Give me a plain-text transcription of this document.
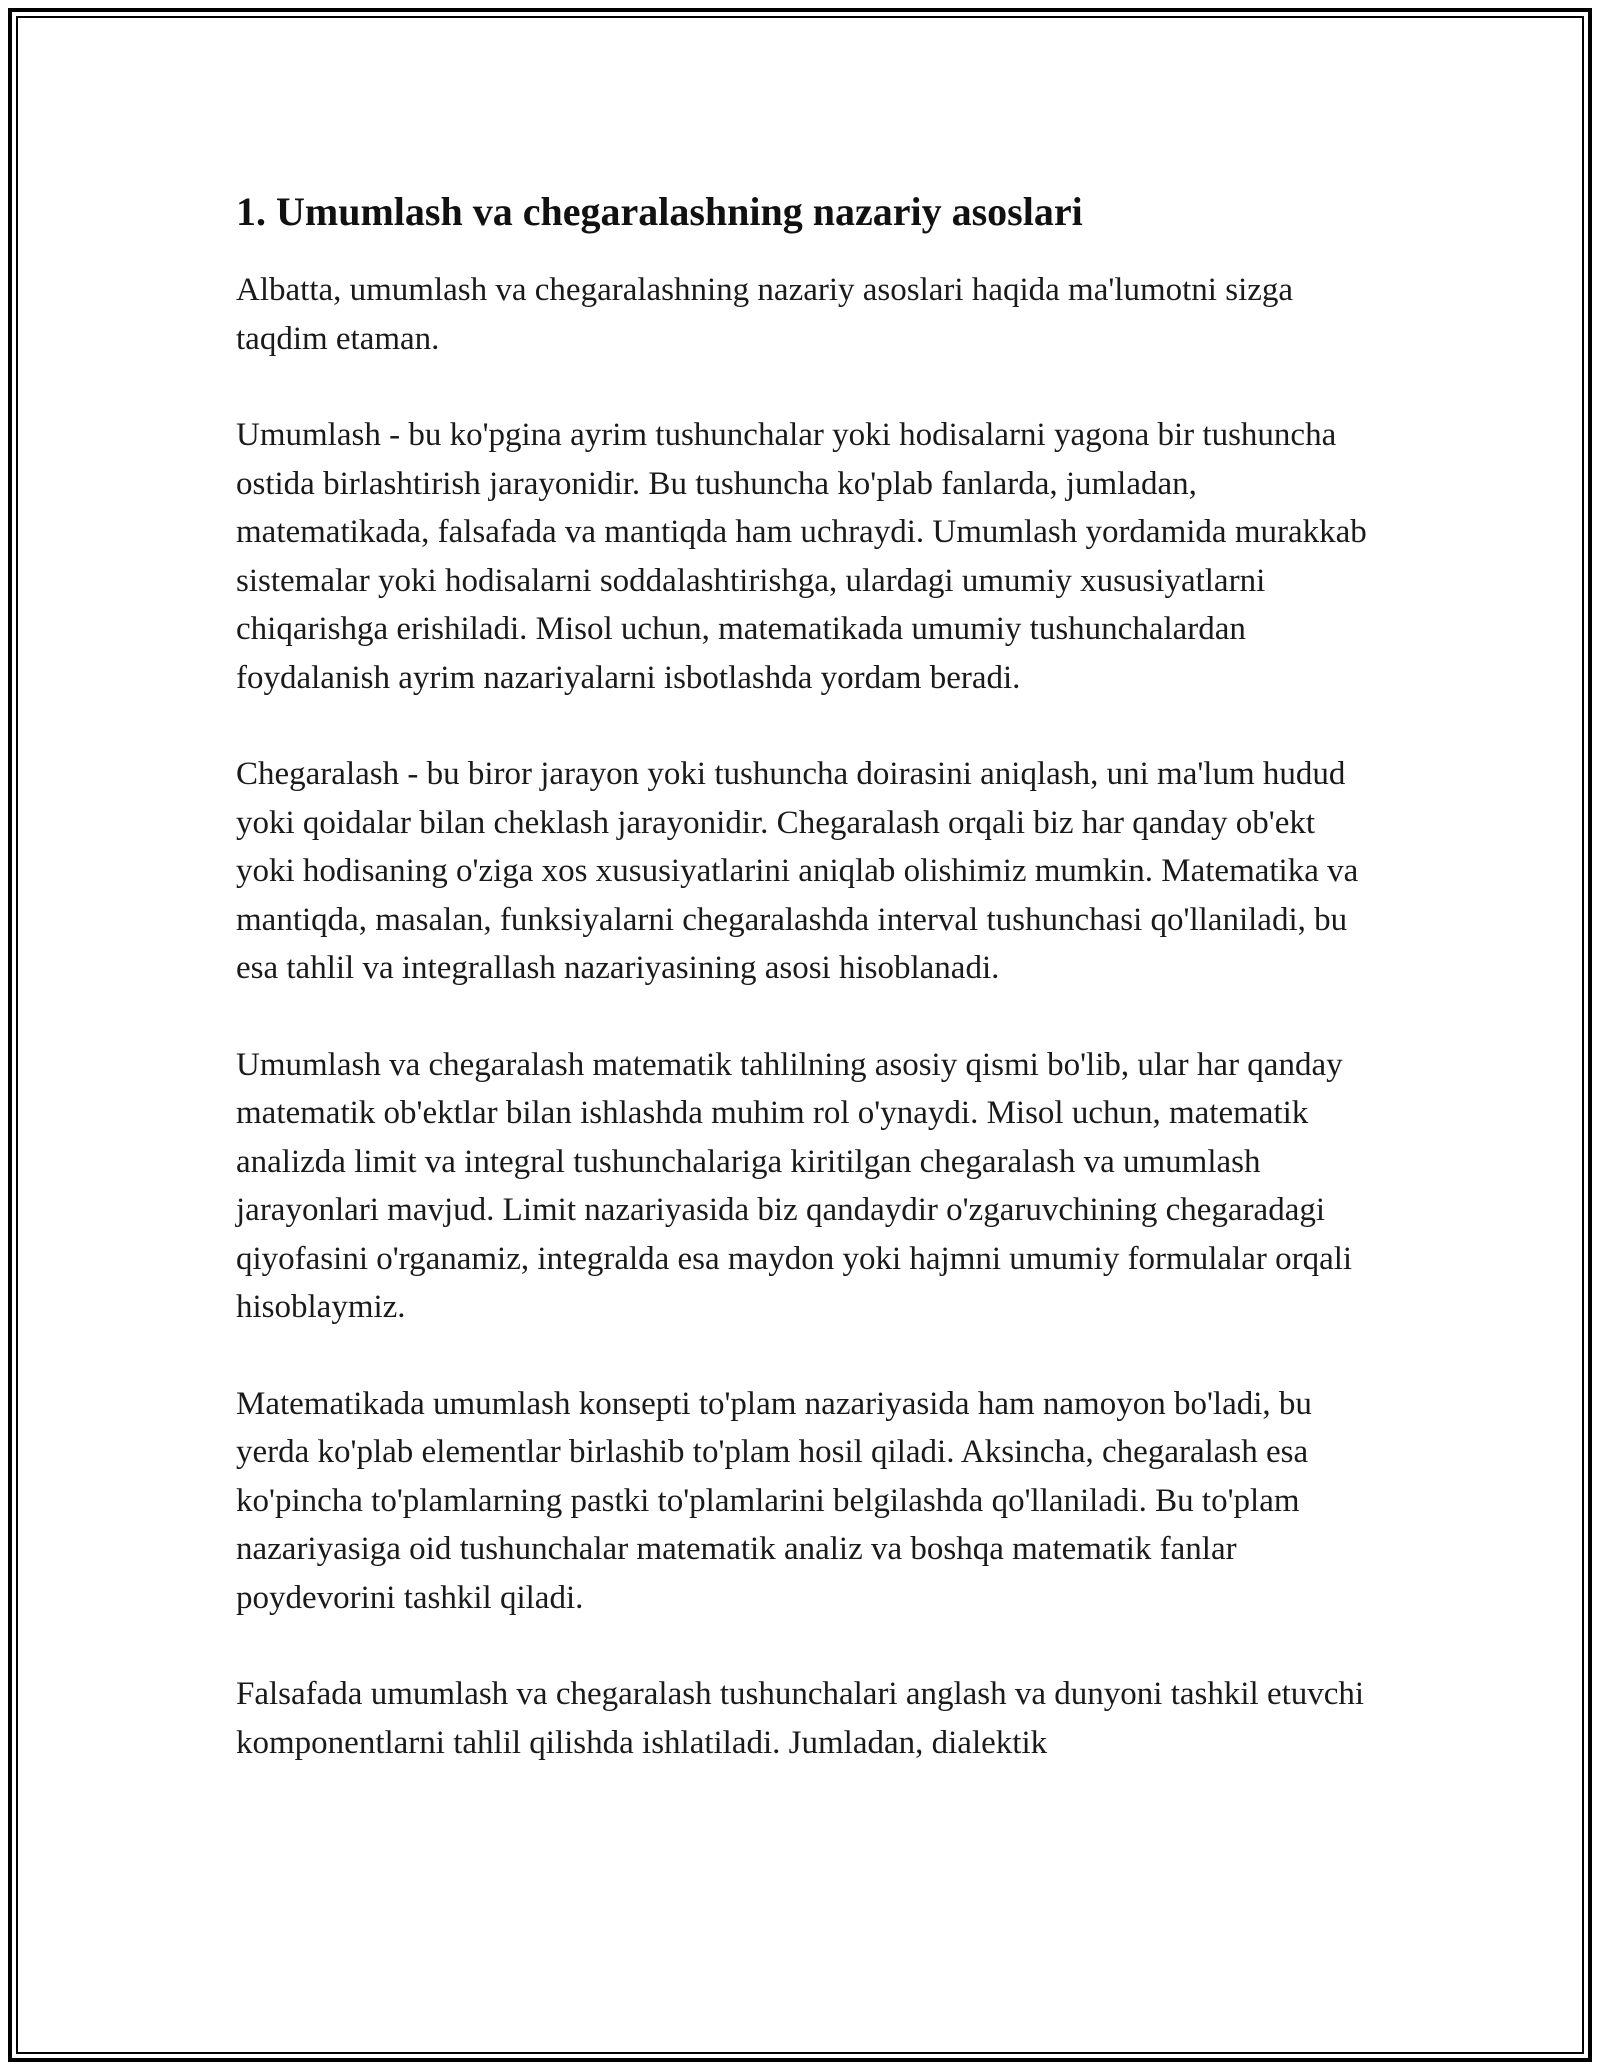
1. Umumlash va chegaralashning nazariy asoslari

Albatta, umumlash va chegaralashning nazariy asoslari haqida ma'lumotni sizga taqdim etaman.

Umumlash - bu ko'pgina ayrim tushunchalar yoki hodisalarni yagona bir tushuncha ostida birlashtirish jarayonidir. Bu tushuncha ko'plab fanlarda, jumladan, matematikada, falsafada va mantiqda ham uchraydi. Umumlash yordamida murakkab sistemalar yoki hodisalarni soddalashtirishga, ulardagi umumiy xususiyatlarni chiqarishga erishiladi. Misol uchun, matematikada umumiy tushunchalardan foydalanish ayrim nazariyalarni isbotlashda yordam beradi.

Chegaralash - bu biror jarayon yoki tushuncha doirasini aniqlash, uni ma'lum hudud yoki qoidalar bilan cheklash jarayonidir. Chegaralash orqali biz har qanday ob'ekt yoki hodisaning o'ziga xos xususiyatlarini aniqlab olishimiz mumkin. Matematika va mantiqda, masalan, funksiyalarni chegaralashda interval tushunchasi qo'llaniladi, bu esa tahlil va integrallash nazariyasining asosi hisoblanadi.

Umumlash va chegaralash matematik tahlilning asosiy qismi bo'lib, ular har qanday matematik ob'ektlar bilan ishlashda muhim rol o'ynaydi. Misol uchun, matematik analizda limit va integral tushunchalariga kiritilgan chegaralash va umumlash jarayonlari mavjud. Limit nazariyasida biz qandaydir o'zgaruvchining chegaradagi qiyofasini o'rganamiz, integralda esa maydon yoki hajmni umumiy formulalar orqali hisoblaymiz.

Matematikada umumlash konsepti to'plam nazariyasida ham namoyon bo'ladi, bu yerda ko'plab elementlar birlashib to'plam hosil qiladi. Aksincha, chegaralash esa ko'pincha to'plamlarning pastki to'plamlarini belgilashda qo'llaniladi. Bu to'plam nazariyasiga oid tushunchalar matematik analiz va boshqa matematik fanlar poydevorini tashkil qiladi.

Falsafada umumlash va chegaralash tushunchalari anglash va dunyoni tashkil etuvchi komponentlarni tahlil qilishda ishlatiladi. Jumladan, dialektik
